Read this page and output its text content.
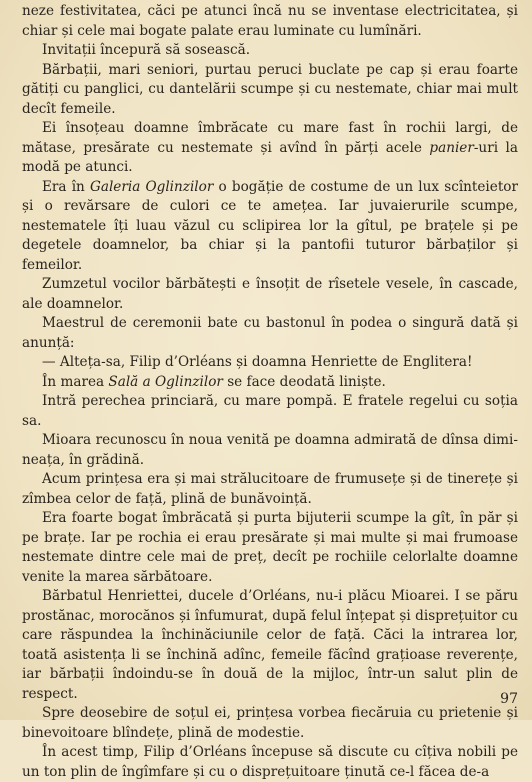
neze festivitatea, căci pe atunci încă nu se inventase electricitatea, și chiar și cele mai bogate palate erau luminate cu lumînări.

Invitații începură să sosească.

Bărbații, mari seniori, purtau peruci buclate pe cap și erau foarte gătiți cu panglici, cu dantelării scumpe și cu nestemate, chiar mai mult decît femeile.

Ei însoțeau doamne îmbrăcate cu mare fast în rochii largi, de mătase, presărate cu nestemate și avînd în părți acele panier-uri la modă pe atunci.

Era în Galeria Oglinzilor o bogăție de costume de un lux scînteietor și o revărsare de culori ce te amețea. Iar juvaierurile scumpe, nestematele îți luau văzul cu sclipirea lor la gîtul, pe brațele și pe degetele doamnelor, ba chiar și la pantofii tuturor bărbaților și femeilor.

Zumzetul vocilor bărbătești e însoțit de rîsetele vesele, în cascade, ale doamnelor.

Maestrul de ceremonii bate cu bastonul în podea o singură dată și anunță:

— Alteța-sa, Filip d’Orléans și doamna Henriette de Englitera!

În marea Sală a Oglinzilor se face deodată liniște.

Intră perechea princiară, cu mare pompă. E fratele regelui cu soția sa.

Mioara recunoscu în noua venită pe doamna admirată de dînsa dimineața, în grădină.

Acum prințesa era și mai strălucitoare de frumusețe și de tinerețe și zîmbea celor de față, plină de bunăvoință.

Era foarte bogat îmbrăcată și purta bijuterii scumpe la gît, în păr și pe brațe. Iar pe rochia ei erau presărate și mai multe și mai frumoase nestemate dintre cele mai de preț, decît pe rochiile celorlalte doamne venite la marea sărbătoare.

Bărbatul Henriettei, ducele d’Orléans, nu-i plăcu Mioarei. I se păru prostănac, morocănos și înfumurat, după felul înțepat și disprețuitor cu care răspundea la închinăciunile celor de față. Căci la intrarea lor, toată asistența li se închină adînc, femeile făcînd grațioase reverențe, iar bărbații îndoindu-se în două de la mijloc, într-un salut plin de respect.

Spre deosebire de soțul ei, prințesa vorbea fiecăruia cu prietenie și binevoitoare blîndețe, plină de modestie.

În acest timp, Filip d’Orléans începuse să discute cu cîțiva nobili pe un ton plin de îngîmfare și cu o disprețuitoare ținută ce-l făcea de-a

97
